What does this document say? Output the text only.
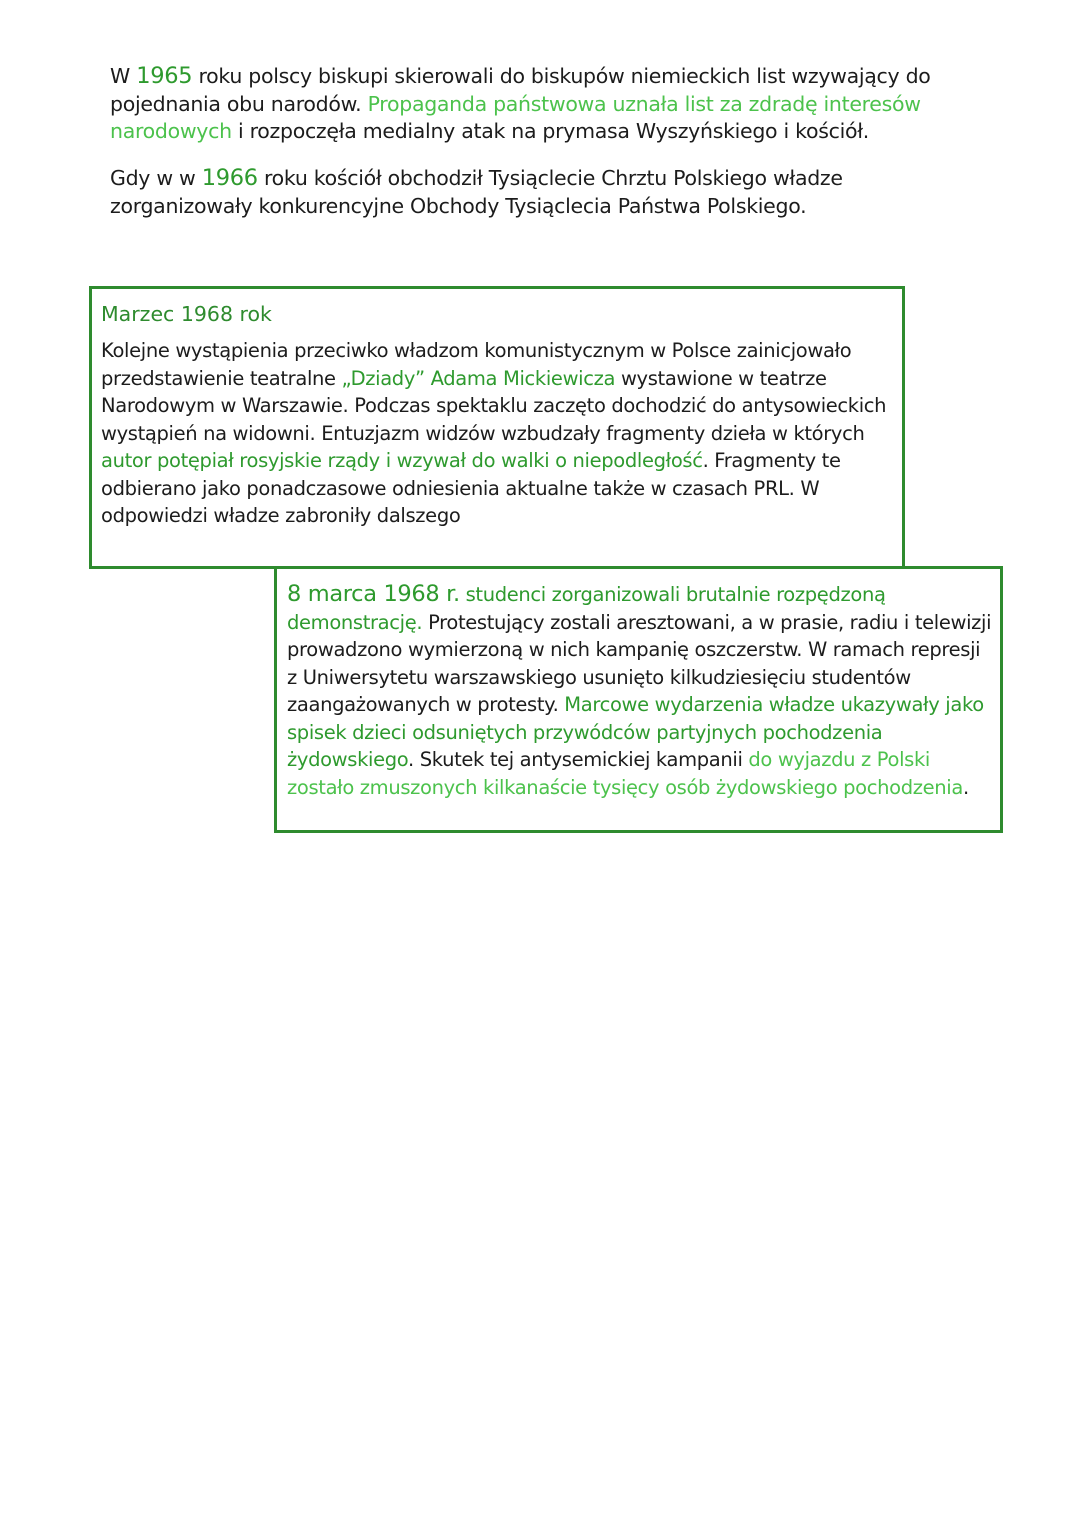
W 1965 roku polscy biskupi skierowali do biskupów niemieckich list wzywający do pojednania obu narodów. Propaganda państwowa uznała list za zdradę interesów narodowych i rozpoczęła medialny atak na prymasa Wyszyńskiego i kościół.

Gdy w w 1966 roku kościół obchodził Tysiąclecie Chrztu Polskiego władze zorganizowały konkurencyjne Obchody Tysiąclecia Państwa Polskiego.

Marzec 1968 rok

Kolejne wystąpienia przeciwko władzom komunistycznym w Polsce zainicjowało przedstawienie teatralne „Dziady” Adama Mickiewicza wystawione w teatrze Narodowym w Warszawie. Podczas spektaklu zaczęto dochodzić do antysowieckich wystąpień na widowni. Entuzjazm widzów wzbudzały fragmenty dzieła w których autor potępiał rosyjskie rządy i wzywał do walki o niepodległość. Fragmenty te odbierano jako ponadczasowe odniesienia aktualne także w czasach PRL. W odpowiedzi władze zabroniły dalszego

8 marca 1968 r. studenci zorganizowali brutalnie rozpędzoną demonstrację. Protestujący zostali aresztowani, a w prasie, radiu i telewizji prowadzono wymierzoną w nich kampanię oszczerstw. W ramach represji z Uniwersytetu warszawskiego usunięto kilkudziesięciu studentów zaangażowanych w protesty. Marcowe wydarzenia władze ukazywały jako spisek dzieci odsuniętych przywódców partyjnych pochodzenia żydowskiego. Skutek tej antysemickiej kampanii do wyjazdu z Polski zostało zmuszonych kilkanaście tysięcy osób żydowskiego pochodzenia.
